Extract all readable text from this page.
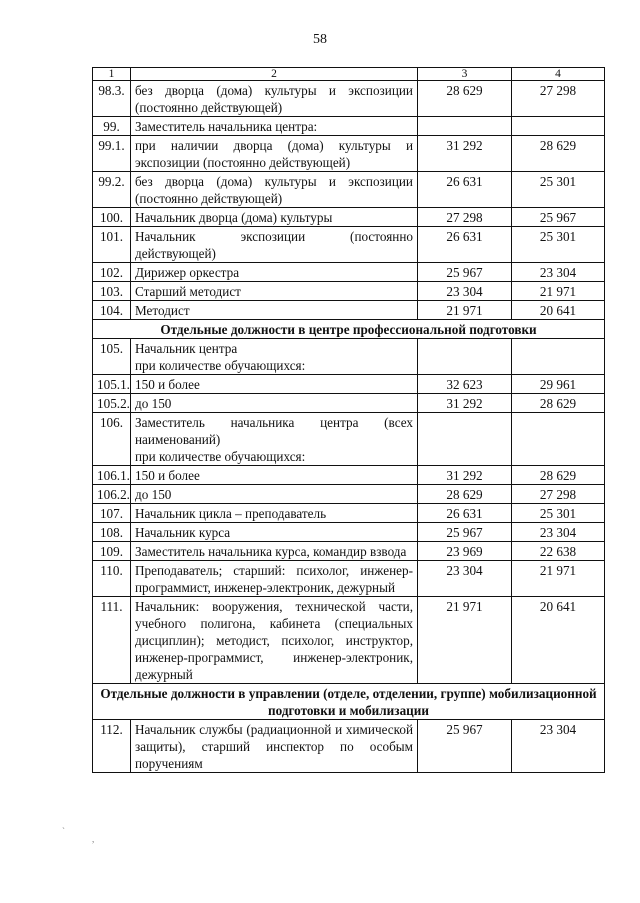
58
1	2	3	4
98.3.	без дворца (дома) культуры и экспозиции (постоянно действующей)	28 629	27 298
99.	Заместитель начальника центра:		
99.1.	при наличии дворца (дома) культуры и экспозиции (постоянно действующей)	31 292	28 629
99.2.	без дворца (дома) культуры и экспозиции (постоянно действующей)	26 631	25 301
100.	Начальник дворца (дома) культуры	27 298	25 967
101.	Начальник экспозиции (постоянно действующей)	26 631	25 301
102.	Дирижер оркестра	25 967	23 304
103.	Старший методист	23 304	21 971
104.	Методист	21 971	20 641
Отдельные должности в центре профессиональной подготовки			
105.	Начальник центра
при количестве обучающихся:		
105.1.	150 и более	32 623	29 961
105.2.	до 150	31 292	28 629
106.	Заместитель начальника центра (всех наименований)
при количестве обучающихся:		
106.1.	150 и более	31 292	28 629
106.2.	до 150	28 629	27 298
107.	Начальник цикла – преподаватель	26 631	25 301
108.	Начальник курса	25 967	23 304
109.	Заместитель начальника курса, командир взвода	23 969	22 638
110.	Преподаватель; старший: психолог, инженер-программист, инженер-электроник, дежурный	23 304	21 971
111.	Начальник: вооружения, технической части, учебного полигона, кабинета (специальных дисциплин); методист, психолог, инструктор, инженер-программист, инженер-электроник, дежурный	21 971	20 641
Отдельные должности в управлении (отделе, отделении, группе) мобилизационной подготовки и мобилизации			
112.	Начальник службы (радиационной и химической защиты), старший инспектор по особым поручениям	25 967	23 304
`
,
